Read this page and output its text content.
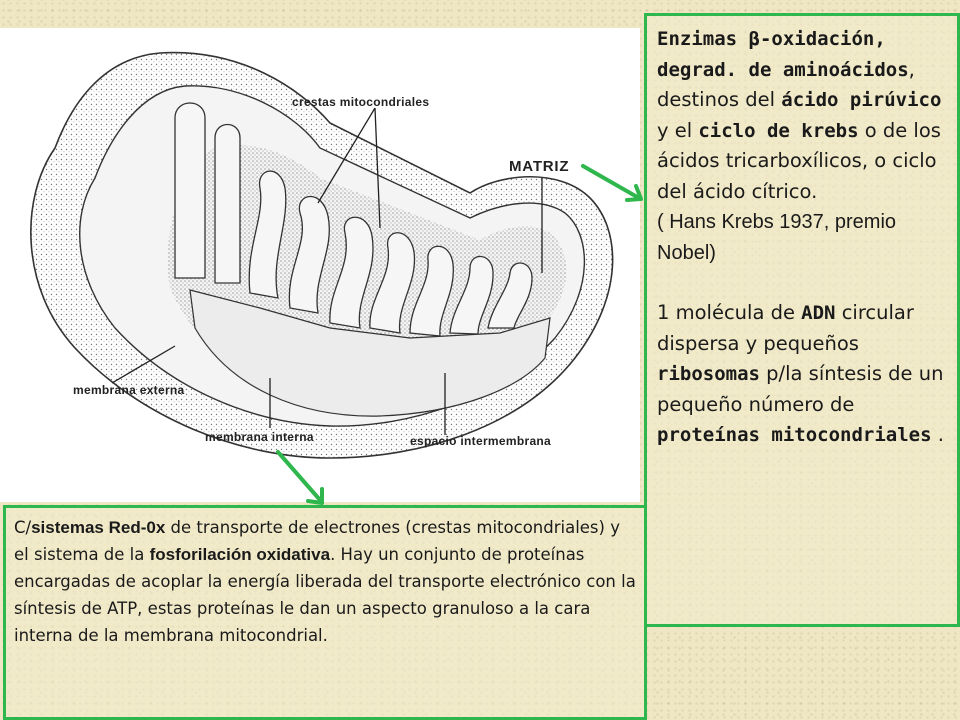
crestas mitocondriales
MATRIZ
membrana externa
membrana interna	espacio intermembrana
Enzimas β-oxidación, degrad. de aminoácidos, destinos del ácido pirúvico y el ciclo de krebs o de los ácidos tricarboxílicos, o ciclo del ácido cítrico.
( Hans Krebs 1937, premio Nobel)
1 molécula de ADN circular dispersa y pequeños ribosomas p/la síntesis de un pequeño número de proteínas mitocondriales .
C/sistemas Red-0x de transporte de electrones (crestas mitocondriales) y el sistema de la fosforilación oxidativa. Hay un conjunto de proteínas encargadas de acoplar la energía liberada del transporte electrónico con la síntesis de ATP, estas proteínas le dan un aspecto granuloso a la cara interna de la membrana mitocondrial.
